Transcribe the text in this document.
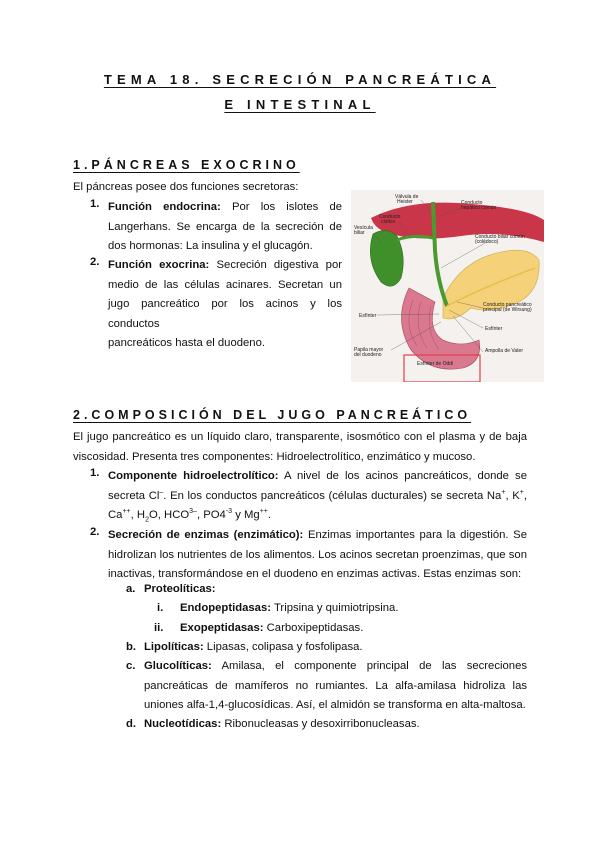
TEMA 18. SECRECIÓN PANCREÁTICA
E INTESTINAL
1.PÁNCREAS EXOCRINO
El páncreas posee dos funciones secretoras:
1. Función endocrina: Por los islotes de
Langerhans. Se encarga de la secreción de
dos hormonas: La insulina y el glucagón.
2. Función exocrina: Secreción digestiva por
medio de las células acinares. Secretan un
jugo pancreático por los acinos y los conductos
pancreáticos hasta el duodeno.
Válvula de
Heister	Conducto
hepático común
Conducto
cístico
Vesícula
biliar
Conducto biliar común
(colédoco)
Conducto pancreático
principal (de Wirsung)
Esfínter
Esfínter
Ampolla de Vater
Papila mayor
del duodeno
Esfínter de Oddi
2.COMPOSICIÓN DEL JUGO PANCREÁTICO
El jugo pancreático es un líquido claro, transparente, isosmótico con el plasma y de baja
viscosidad. Presenta tres componentes: Hidroelectrolítico, enzimático y mucoso.
1. Componente hidroelectrolítico: A nivel de los acinos pancreáticos, donde se
secreta Cl–. En los conductos pancreáticos (células ducturales) se secreta Na+, K+,
Ca++, $H_2O$, $HCO^{3-}$, $PO4^{-3}$ y Mg++.
2. Secreción de enzimas (enzimático): Enzimas importantes para la digestión. Se
hidrolizan los nutrientes de los alimentos. Los acinos secretan proenzimas, que son
inactivas, transformándose en el duodeno en enzimas activas. Estas enzimas son:
a. Proteolíticas:
i. Endopeptidasas: Tripsina y quimiotripsina.
ii. Exopeptidasas: Carboxipeptidasas.
b. Lipolíticas: Lipasas, colipasa y fosfolipasa.
c. Glucolíticas: Amilasa, el componente principal de las secreciones
pancreáticas de mamíferos no rumiantes. La alfa-amilasa hidroliza las
uniones alfa-1,4-glucosídicas. Así, el almidón se transforma en alta-maltosa.
d. Nucleotídicas: Ribonucleasas y desoxirribonucleasas.
